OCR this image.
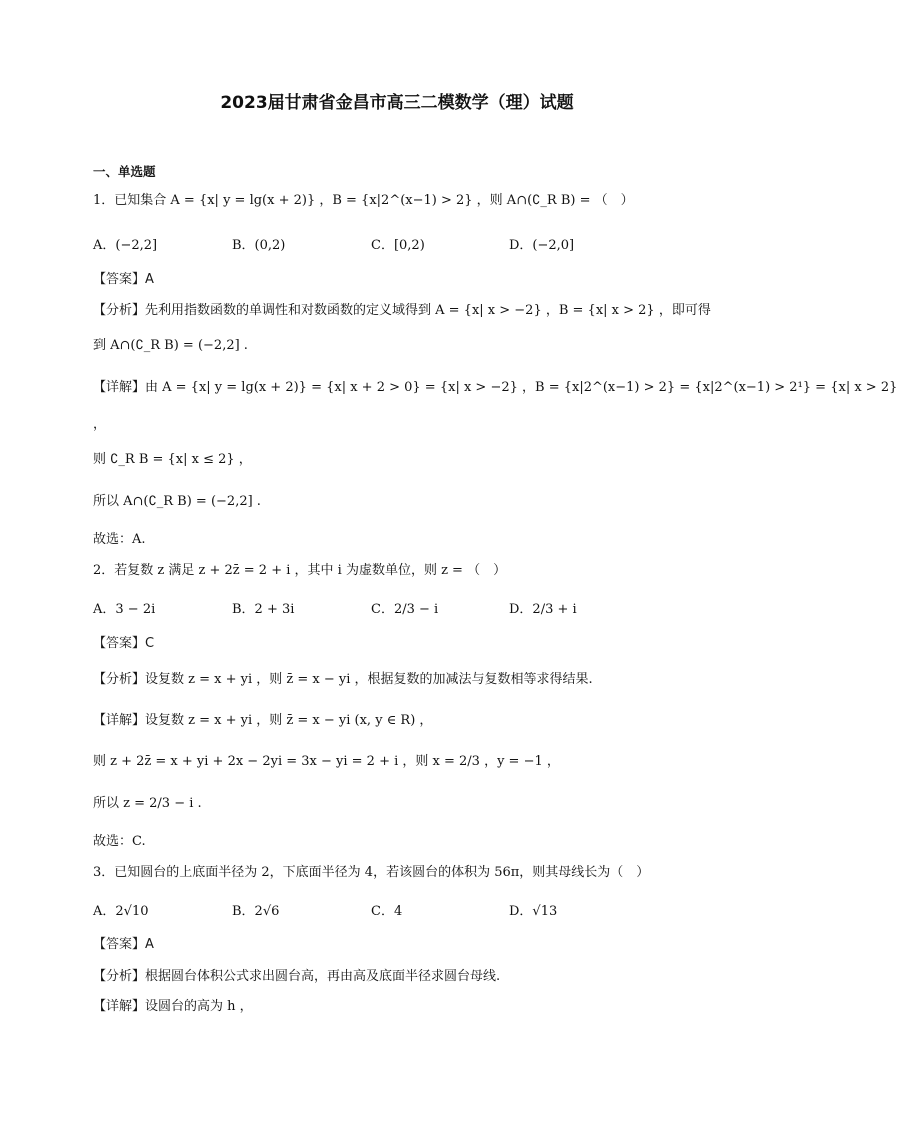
2023届甘肃省金昌市高三二模数学（理）试题
一、单选题
1．已知集合 A = {x| y = lg(x + 2)} ，B = {x|2^(x−1) > 2} ，则 A∩(∁_R B) = （　）
A．(−2,2]	B．(0,2)	C．[0,2)	D．(−2,0]
【答案】A
【分析】先利用指数函数的单调性和对数函数的定义域得到 A = {x| x > −2} ，B = {x| x > 2} ，即可得
到 A∩(∁_R B) = (−2,2] .
【详解】由 A = {x| y = lg(x + 2)} = {x| x + 2 > 0} = {x| x > −2} ，B = {x|2^(x−1) > 2} = {x|2^(x−1) > 2¹} = {x| x > 2}
，
则 ∁_R B = {x| x ≤ 2} ，
所以 A∩(∁_R B) = (−2,2] .
故选：A.
2．若复数 z 满足 z + 2z̄ = 2 + i ，其中 i 为虚数单位，则 z = （　）
A．3 − 2i	B．2 + 3i	C．2/3 − i	D．2/3 + i
【答案】C
【分析】设复数 z = x + yi ，则 z̄ = x − yi ，根据复数的加减法与复数相等求得结果.
【详解】设复数 z = x + yi ，则 z̄ = x − yi (x, y ∈ R) ，
则 z + 2z̄ = x + yi + 2x − 2yi = 3x − yi = 2 + i ，则 x = 2/3 ，y = −1 ，
所以 z = 2/3 − i .
故选：C.
3．已知圆台的上底面半径为 2，下底面半径为 4，若该圆台的体积为 56π，则其母线长为（　）
A．2√10	B．2√6	C．4	D．√13
【答案】A
【分析】根据圆台体积公式求出圆台高，再由高及底面半径求圆台母线.
【详解】设圆台的高为 h ，
